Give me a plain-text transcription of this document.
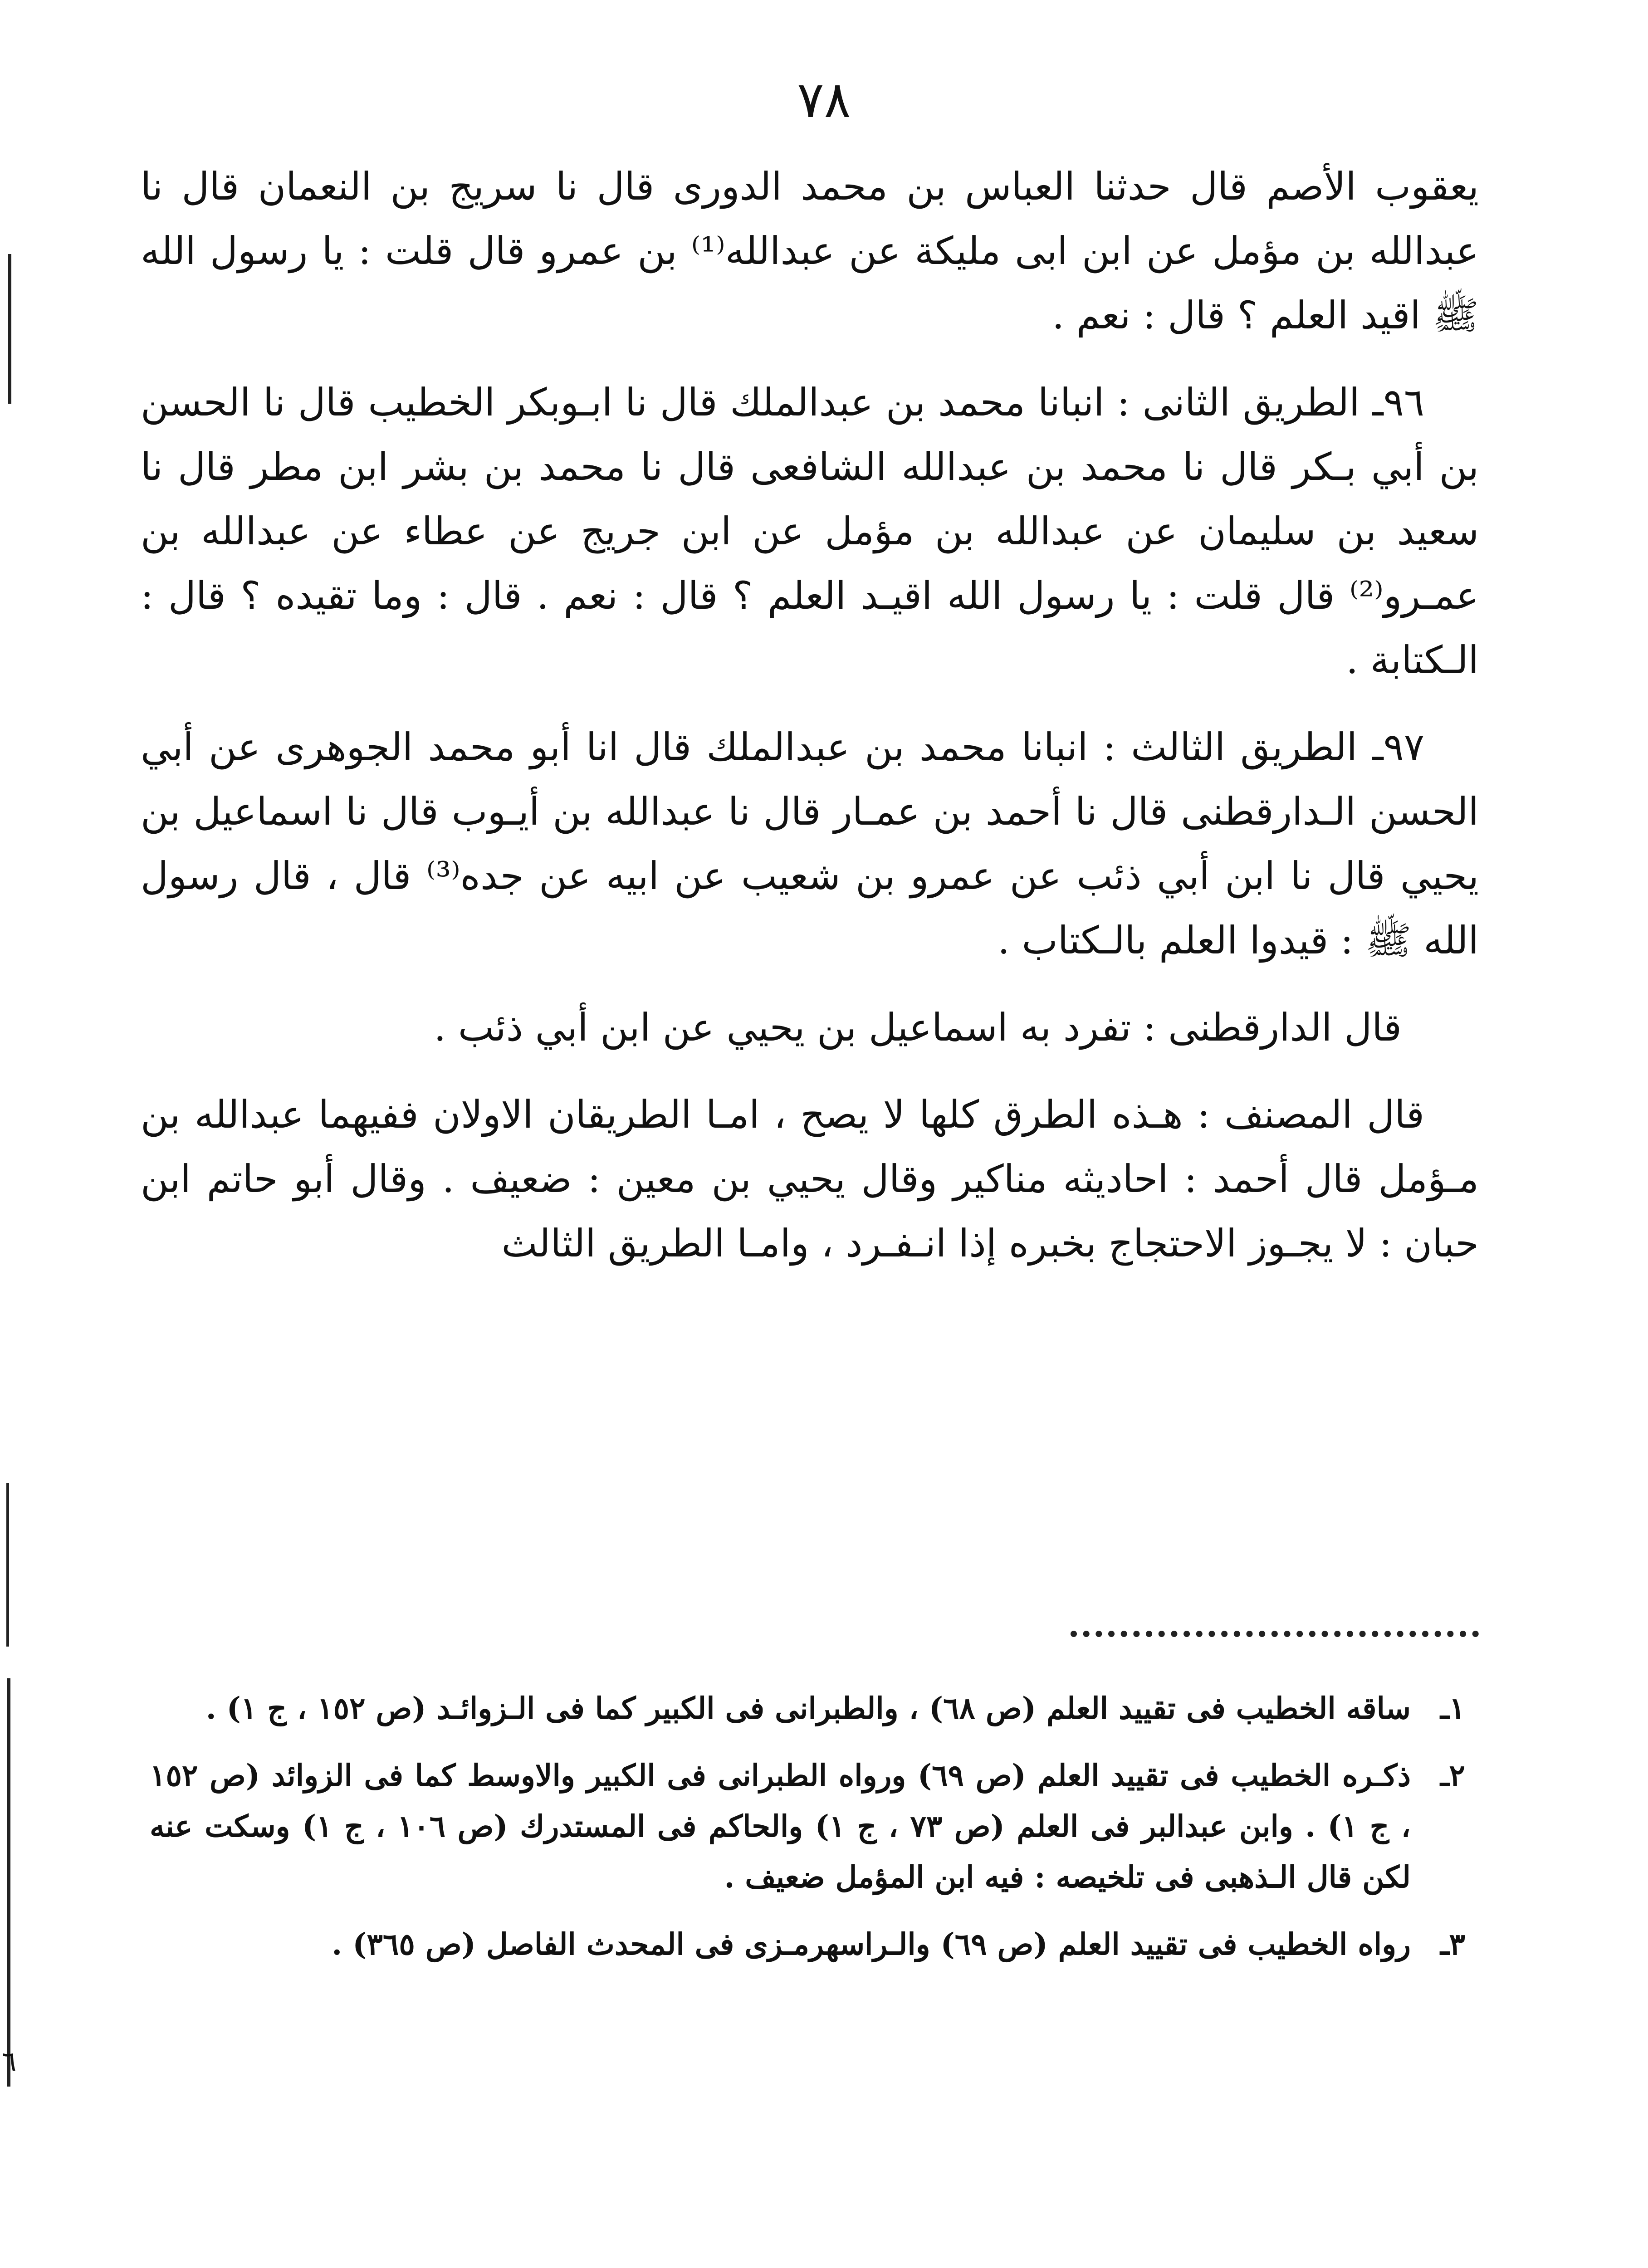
٧٨

يعقوب الأصم قال حدثنا العباس بن محمد الدورى قال نا سريج بن النعمان قال نا عبدالله بن مؤمل عن ابن ابى مليكة عن عبدالله⁽¹⁾ بن عمرو قال قلت : يا رسول الله ﷺ اقيد العلم ؟ قال : نعم .

٩٦ـ الطريق الثانى : انبانا محمد بن عبدالملك قال نا ابـوبكر الخطيب قال نا الحسن بن أبي بـكر قال نا محمد بن عبدالله الشافعى قال نا محمد بن بشر ابن مطر قال نا سعيد بن سليمان عن عبدالله بن مؤمل عن ابن جريج عن عطاء عن عبدالله بن عمـرو⁽²⁾ قال قلت : يا رسول الله اقيـد العلم ؟ قال : نعم . قال : وما تقيده ؟ قال : الـكتابة .

٩٧ـ الطريق الثالث : انبانا محمد بن عبدالملك قال انا أبو محمد الجوهرى عن أبي الحسن الـدارقطنى قال نا أحمد بن عمـار قال نا عبدالله بن أيـوب قال نا اسماعيل بن يحيي قال نا ابن أبي ذئب عن عمرو بن شعيب عن ابيه عن جده⁽³⁾ قال ، قال رسول الله ﷺ : قيدوا العلم بالـكتاب .

قال الدارقطنى : تفرد به اسماعيل بن يحيي عن ابن أبي ذئب .

قال المصنف : هـذه الطرق كلها لا يصح ، امـا الطريقان الاولان ففيهما عبدالله بن مـؤمل قال أحمد : احاديثه مناكير وقال يحيي بن معين : ضعيف . وقال أبو حاتم ابن حبان : لا يجـوز الاحتجاج بخبره إذا انـفـرد ، وامـا الطريق الثالث

١ـ
ساقه الخطيب فى تقييد العلم (ص ٦٨) ، والطبرانى فى الكبير كما فى الـزوائـد (ص ١٥٢ ، ج ١) .
٢ـ
ذكـره الخطيب فى تقييد العلم (ص ٦٩) ورواه الطبرانى فى الكبير والاوسط كما فى الزوائد (ص ١٥٢ ، ج ١) . وابن عبدالبر فى العلم (ص ٧٣ ، ج ١) والحاكم فى المستدرك (ص ١٠٦ ، ج ١) وسكت عنه لكن قال الـذهبى فى تلخيصه : فيه ابن المؤمل ضعيف .
٣ـ
رواه الخطيب فى تقييد العلم (ص ٦٩) والـراسهرمـزى فى المحدث الفاصل (ص ٣٦٥) .
٦
